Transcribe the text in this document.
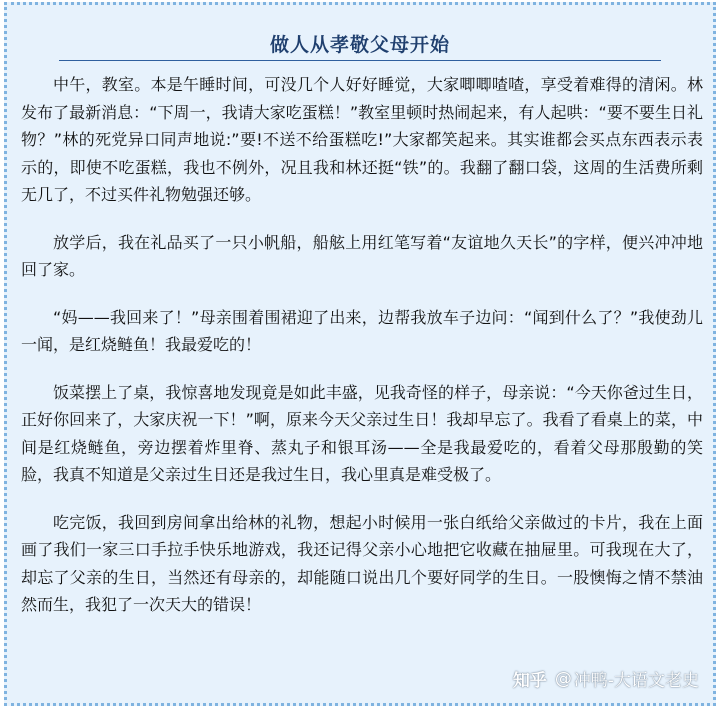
做人从孝敬父母开始

中午，教室。本是午睡时间，可没几个人好好睡觉，大家唧唧喳喳，享受着难得的清闲。林发布了最新消息：“下周一，我请大家吃蛋糕！”教室里顿时热闹起来，有人起哄：“要不要生日礼物？”林的死党异口同声地说:”要!不送不给蛋糕吃!”大家都笑起来。其实谁都会买点东西表示表示的，即使不吃蛋糕，我也不例外，况且我和林还挺“铁”的。我翻了翻口袋，这周的生活费所剩无几了，不过买件礼物勉强还够。

放学后，我在礼品买了一只小帆船，船舷上用红笔写着“友谊地久天长”的字样，便兴冲冲地回了家。

“妈——我回来了！”母亲围着围裙迎了出来，边帮我放车子边问：“闻到什么了？”我使劲儿一闻，是红烧鲢鱼！我最爱吃的！

饭菜摆上了桌，我惊喜地发现竟是如此丰盛，见我奇怪的样子，母亲说：“今天你爸过生日，正好你回来了，大家庆祝一下！”啊，原来今天父亲过生日！我却早忘了。我看了看桌上的菜，中间是红烧鲢鱼，旁边摆着炸里脊、蒸丸子和银耳汤——全是我最爱吃的，看着父母那殷勤的笑脸，我真不知道是父亲过生日还是我过生日，我心里真是难受极了。

吃完饭，我回到房间拿出给林的礼物，想起小时候用一张白纸给父亲做过的卡片，我在上面画了我们一家三口手拉手快乐地游戏，我还记得父亲小心地把它收藏在抽屉里。可我现在大了，却忘了父亲的生日，当然还有母亲的，却能随口说出几个要好同学的生日。一股懊悔之情不禁油然而生，我犯了一次天大的错误！

知乎 @ 冲鸭-大语文老史
